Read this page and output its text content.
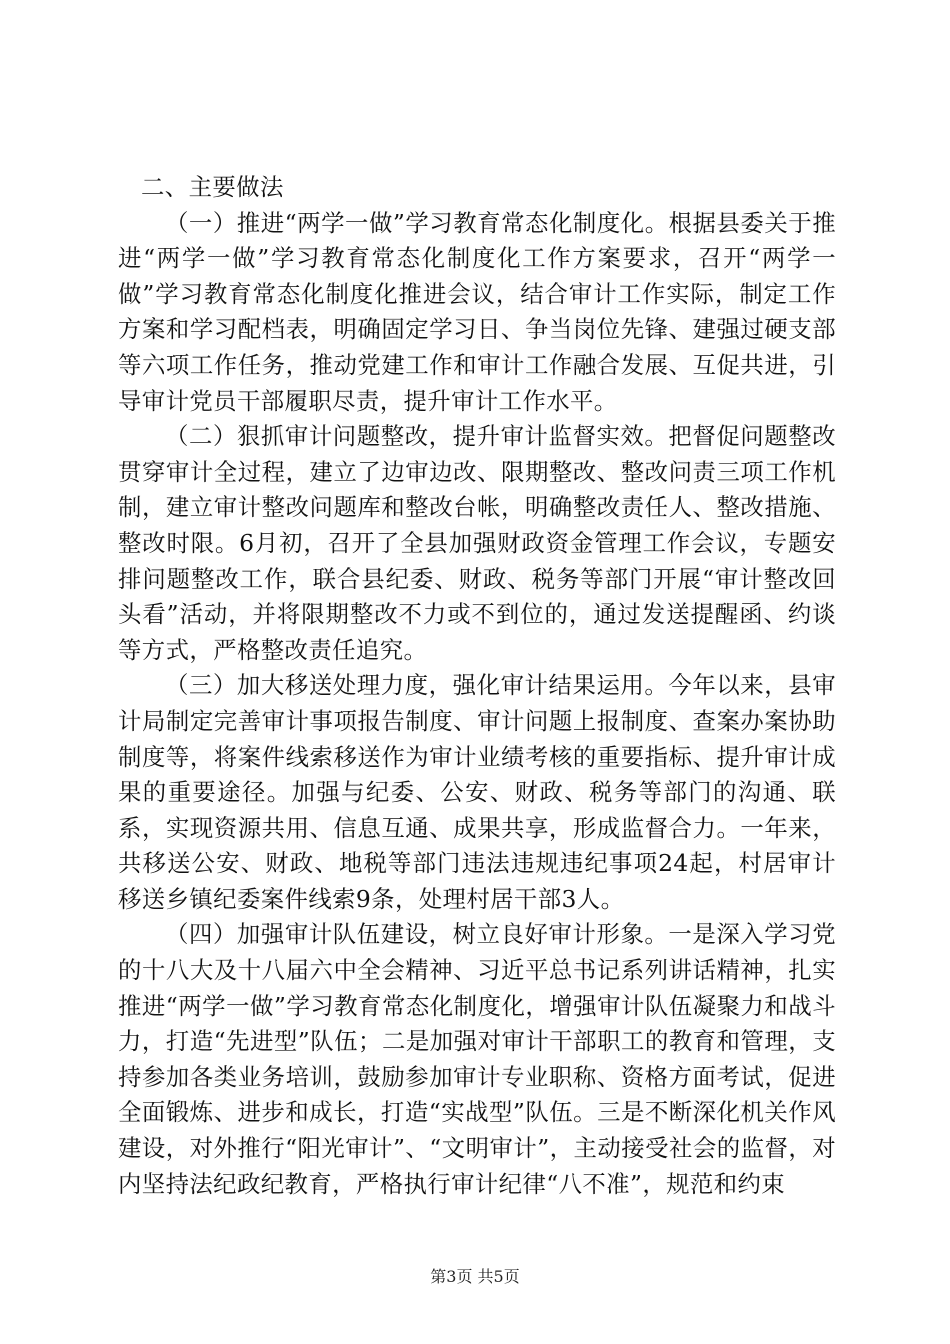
二、主要做法

（一）推进“两学一做”学习教育常态化制度化。根据县委关于推进“两学一做”学习教育常态化制度化工作方案要求，召开“两学一做”学习教育常态化制度化推进会议，结合审计工作实际，制定工作方案和学习配档表，明确固定学习日、争当岗位先锋、建强过硬支部等六项工作任务，推动党建工作和审计工作融合发展、互促共进，引导审计党员干部履职尽责，提升审计工作水平。

（二）狠抓审计问题整改，提升审计监督实效。把督促问题整改贯穿审计全过程，建立了边审边改、限期整改、整改问责三项工作机制，建立审计整改问题库和整改台帐，明确整改责任人、整改措施、整改时限。6月初，召开了全县加强财政资金管理工作会议，专题安排问题整改工作，联合县纪委、财政、税务等部门开展“审计整改回头看”活动，并将限期整改不力或不到位的，通过发送提醒函、约谈等方式，严格整改责任追究。

（三）加大移送处理力度，强化审计结果运用。今年以来，县审计局制定完善审计事项报告制度、审计问题上报制度、查案办案协助制度等，将案件线索移送作为审计业绩考核的重要指标、提升审计成果的重要途径。加强与纪委、公安、财政、税务等部门的沟通、联系，实现资源共用、信息互通、成果共享，形成监督合力。一年来，共移送公安、财政、地税等部门违法违规违纪事项24起，村居审计移送乡镇纪委案件线索9条，处理村居干部3人。

（四）加强审计队伍建设，树立良好审计形象。一是深入学习党的十八大及十八届六中全会精神、习近平总书记系列讲话精神，扎实推进“两学一做”学习教育常态化制度化，增强审计队伍凝聚力和战斗力，打造“先进型”队伍；二是加强对审计干部职工的教育和管理，支持参加各类业务培训，鼓励参加审计专业职称、资格方面考试，促进全面锻炼、进步和成长，打造“实战型”队伍。三是不断深化机关作风建设，对外推行“阳光审计”、“文明审计”，主动接受社会的监督，对内坚持法纪政纪教育，严格执行审计纪律“八不准”，规范和约束

第3页 共5页
